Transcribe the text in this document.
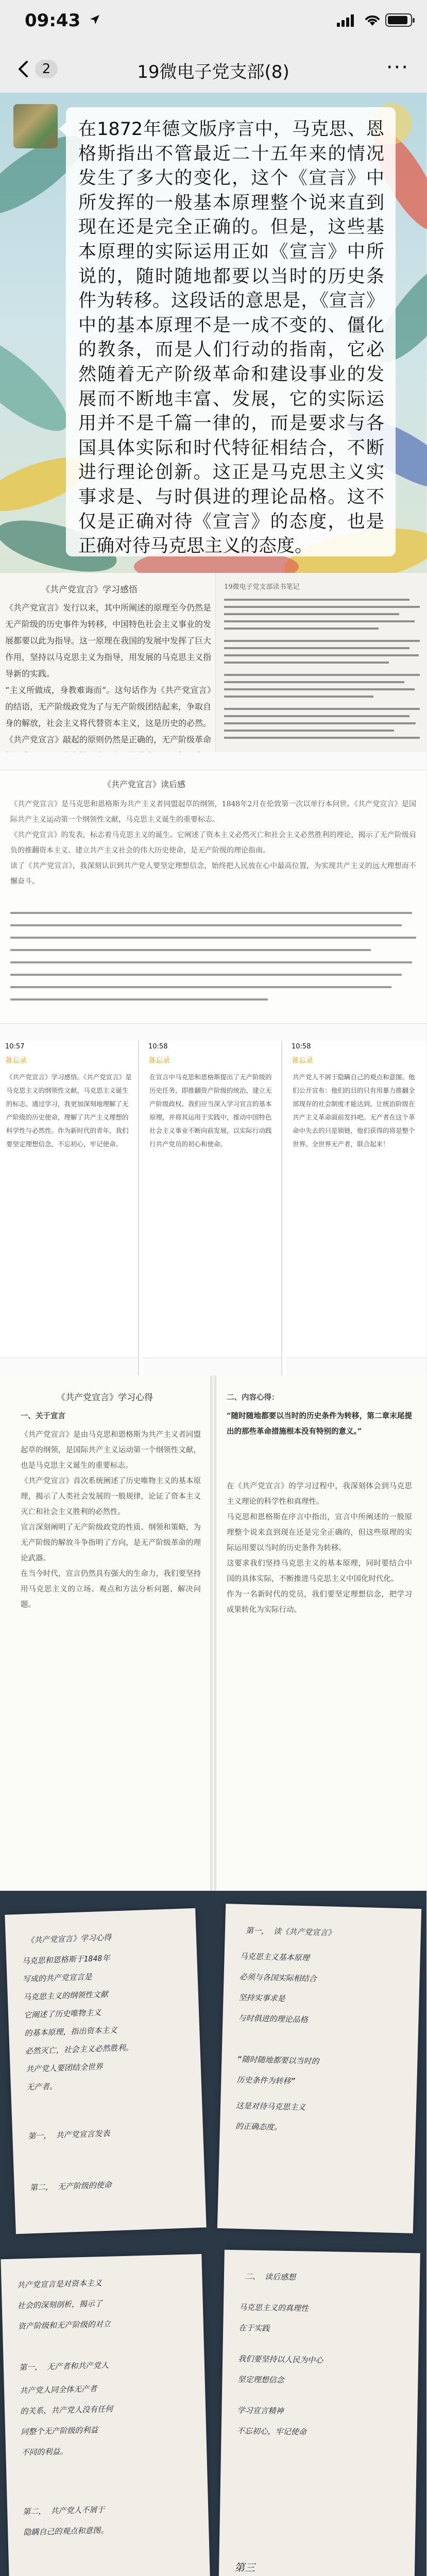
09:43
2	19微电子党支部(8)	···
在1872年德文版序言中，马克思、恩格斯指出不管最近二十五年来的情况发生了多大的变化，这个《宣言》中所发挥的一般基本原理整个说来直到现在还是完全正确的。但是，这些基本原理的实际运用正如《宣言》中所说的，随时随地都要以当时的历史条件为转移。这段话的意思是，《宣言》中的基本原理不是一成不变的、僵化的教条，而是人们行动的指南，它必然随着无产阶级革命和建设事业的发展而不断地丰富、发展，它的实际运用并不是千篇一律的，而是要求与各国具体实际和时代特征相结合，不断进行理论创新。这正是马克思主义实事求是、与时俱进的理论品格。这不仅是正确对待《宣言》的态度，也是正确对待马克思主义的态度。
《共产党宣言》学习感悟
《共产党宣言》发行以来，其中所阐述的原理至今仍然是无产阶级的历史事件为转移，中国特色社会主义事业的发展都要以此为指导。这一原理在我国的发展中发挥了巨大作用，坚持以马克思主义为指导，用发展的马克思主义指导新的实践。
“主义所做成，身教难诲而”。这句话作为《共产党宣言》的结语，无产阶级政党为了与无产阶级团结起来，争取自身的解放，社会主义将代替资本主义，这是历史的必然。
《共产党宣言》敲起的原则仍然是正确的，无产阶级革命
19微电子党支部读书笔记
《共产党宣言》读后感
《共产党宣言》是马克思和恩格斯为共产主义者同盟起草的纲领，1848年2月在伦敦第一次以单行本问世。《共产党宣言》是国际共产主义运动第一个纲领性文献，马克思主义诞生的重要标志。
《共产党宣言》的发表，标志着马克思主义的诞生。它阐述了资本主义必然灭亡和社会主义必然胜利的理论，揭示了无产阶级肩负的推翻资本主义、建立共产主义社会的伟大历史使命，是无产阶级的理论指南。
读了《共产党宣言》，我深刻认识到共产党人要坚定理想信念，始终把人民放在心中最高位置，为实现共产主义的远大理想而不懈奋斗。
10:57
备忘录
《共产党宣言》学习感悟。《共产党宣言》是马克思主义的纲领性文献，马克思主义诞生的标志。通过学习，我更加深刻地理解了无产阶级的历史使命，理解了共产主义理想的科学性与必然性。作为新时代的青年，我们要坚定理想信念，不忘初心，牢记使命。
10:58
备忘录
在宣言中马克思和恩格斯提出了无产阶级的历史任务，即推翻资产阶级的统治，建立无产阶级政权。我们应当深入学习宣言的基本原理，并将其运用于实践中，推动中国特色社会主义事业不断向前发展，以实际行动践行共产党员的初心和使命。
10:58
备忘录
共产党人不屑于隐瞒自己的观点和意图。他们公开宣布：他们的目的只有用暴力推翻全部现存的社会制度才能达到。让统治阶级在共产主义革命面前发抖吧。无产者在这个革命中失去的只是锁链，他们获得的将是整个世界。全世界无产者，联合起来！
《共产党宣言》学习心得
一、关于宣言
《共产党宣言》是由马克思和恩格斯为共产主义者同盟起草的纲领，是国际共产主义运动第一个纲领性文献，也是马克思主义诞生的重要标志。
《共产党宣言》首次系统阐述了历史唯物主义的基本原理，揭示了人类社会发展的一般规律，论证了资本主义灭亡和社会主义胜利的必然性。
宣言深刻阐明了无产阶级政党的性质、纲领和策略，为无产阶级的解放斗争指明了方向，是无产阶级革命的理论武器。
在当今时代，宣言仍然具有强大的生命力，我们要坚持用马克思主义的立场、观点和方法分析问题、解决问题。
二、内容心得：
“随时随地都要以当时的历史条件为转移，第二章末尾提出的那些革命措施根本没有特别的意义。”
在《共产党宣言》的学习过程中，我深刻体会到马克思主义理论的科学性和真理性。
马克思和恩格斯在序言中指出，宣言中所阐述的一般原理整个说来直到现在还是完全正确的，但这些原理的实际运用要以当时的历史条件为转移。
这要求我们坚持马克思主义的基本原理，同时要结合中国的具体实际，不断推进马克思主义中国化时代化。
作为一名新时代的党员，我们要坚定理想信念，把学习成果转化为实际行动。
《共产党宣言》学习心得
马克思和恩格斯于1848年
写成的共产党宣言是
马克思主义的纲领性文献
它阐述了历史唯物主义
的基本原理，指出资本主义
必然灭亡，社会主义必然胜利。
共产党人要团结全世界
无产者。
第一， 共产党宣言发表
第二， 无产阶级的使命
第一， 读《共产党宣言》
马克思主义基本原理
必须与各国实际相结合
坚持实事求是
与时俱进的理论品格
“随时随地都要以当时的
历史条件为转移”
这是对待马克思主义
的正确态度。
共产党宣言是对资本主义
社会的深刻剖析，揭示了
资产阶级和无产阶级的对立
第一， 无产者和共产党人
共产党人同全体无产者
的关系，共产党人没有任何
同整个无产阶级的利益
不同的利益。
第二， 共产党人不屑于
隐瞒自己的观点和意图。
二、 读后感想
马克思主义的真理性
在于实践
我们要坚持以人民为中心
坚定理想信念
学习宣言精神
不忘初心，牢记使命
第三
